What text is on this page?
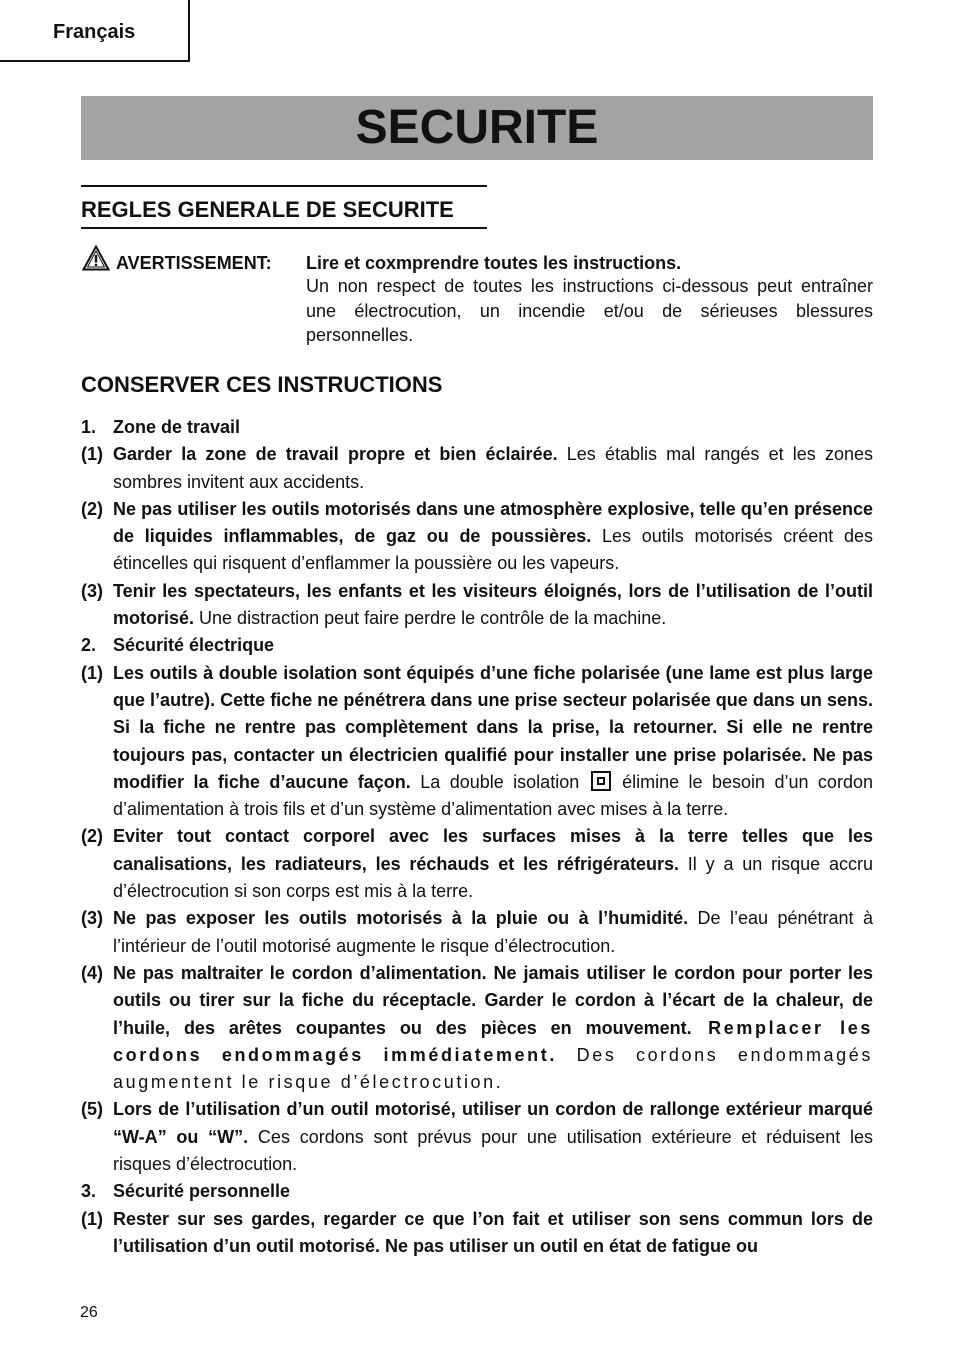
Français
SECURITE
REGLES GENERALE DE SECURITE
AVERTISSEMENT: Lire et coxmprendre toutes les instructions.
Un non respect de toutes les instructions ci-dessous peut entraîner une électrocution, un incendie et/ou de sérieuses blessures personnelles.
CONSERVER CES INSTRUCTIONS
1. Zone de travail
(1) Garder la zone de travail propre et bien éclairée. Les établis mal rangés et les zones sombres invitent aux accidents.
(2) Ne pas utiliser les outils motorisés dans une atmosphère explosive, telle qu’en présence de liquides inflammables, de gaz ou de poussières. Les outils motorisés créent des étincelles qui risquent d’enflammer la poussière ou les vapeurs.
(3) Tenir les spectateurs, les enfants et les visiteurs éloignés, lors de l’utilisation de l’outil motorisé. Une distraction peut faire perdre le contrôle de la machine.
2. Sécurité électrique
(1) Les outils à double isolation sont équipés d’une fiche polarisée (une lame est plus large que l’autre). Cette fiche ne pénétrera dans une prise secteur polarisée que dans un sens. Si la fiche ne rentre pas complètement dans la prise, la retourner. Si elle ne rentre toujours pas, contacter un électricien qualifié pour installer une prise polarisée. Ne pas modifier la fiche d’aucune façon. La double isolation  élimine le besoin d’un cordon d’alimentation à trois fils et d’un système d’alimentation avec mises à la terre.
(2) Eviter tout contact corporel avec les surfaces mises à la terre telles que les canalisations, les radiateurs, les réchauds et les réfrigérateurs. Il y a un risque accru d’électrocution si son corps est mis à la terre.
(3) Ne pas exposer les outils motorisés à la pluie ou à l’humidité. De l’eau pénétrant à l’intérieur de l’outil motorisé augmente le risque d’électrocution.
(4) Ne pas maltraiter le cordon d’alimentation. Ne jamais utiliser le cordon pour porter les outils ou tirer sur la fiche du réceptacle. Garder le cordon à l’écart de la chaleur, de l’huile, des arêtes coupantes ou des pièces en mouvement. Remplacer les cordons endommagés immédiatement. Des cordons endommagés augmentent le risque d’électrocution.
(5) Lors de l’utilisation d’un outil motorisé, utiliser un cordon de rallonge extérieur marqué “W-A” ou “W”. Ces cordons sont prévus pour une utilisation extérieure et réduisent les risques d’électrocution.
3. Sécurité personnelle
(1) Rester sur ses gardes, regarder ce que l’on fait et utiliser son sens commun lors de l’utilisation d’un outil motorisé. Ne pas utiliser un outil en état de fatigue ou
26
